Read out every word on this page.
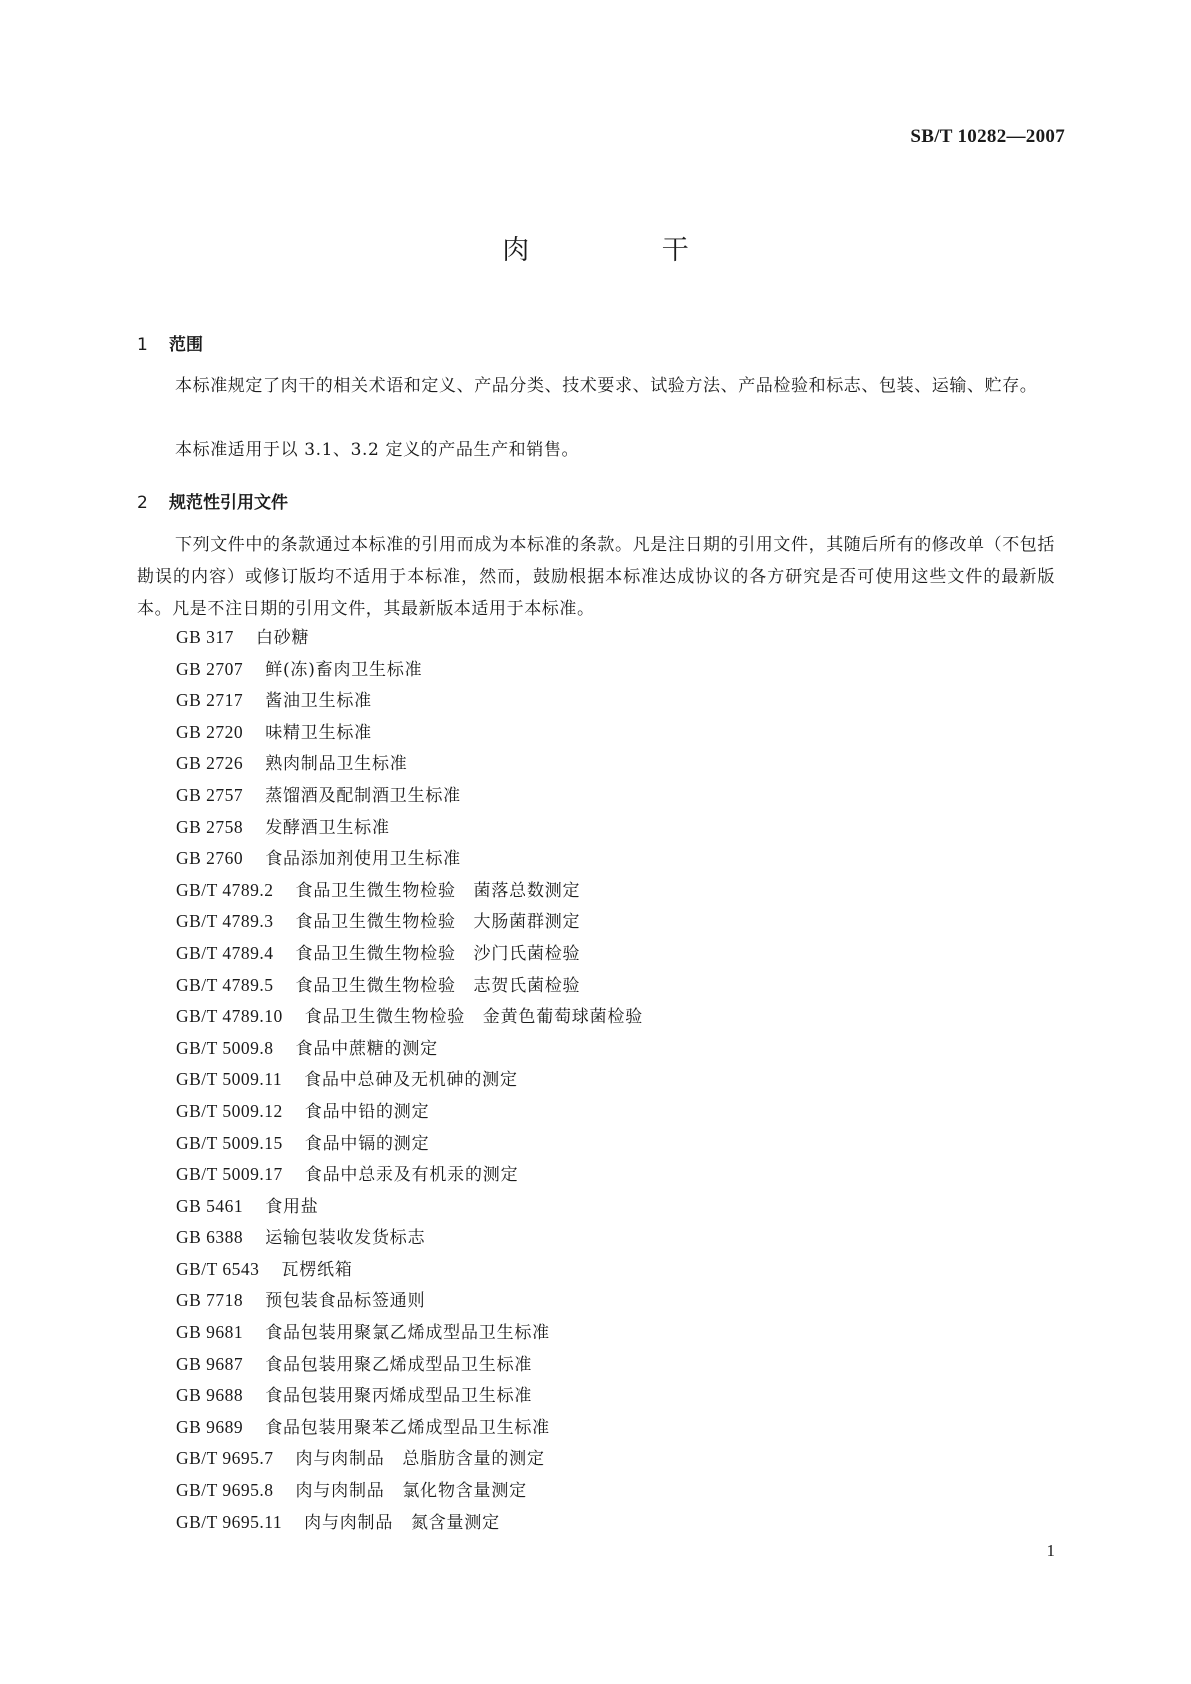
SB/T 10282—2007
肉 干
1 范围

本标准规定了肉干的相关术语和定义、产品分类、技术要求、试验方法、产品检验和标志、包装、运输、贮存。

本标准适用于以 3.1、3.2 定义的产品生产和销售。

2 规范性引用文件

下列文件中的条款通过本标准的引用而成为本标准的条款。凡是注日期的引用文件，其随后所有的修改单（不包括勘误的内容）或修订版均不适用于本标准，然而，鼓励根据本标准达成协议的各方研究是否可使用这些文件的最新版本。凡是不注日期的引用文件，其最新版本适用于本标准。

GB 317 白砂糖
GB 2707 鲜(冻)畜肉卫生标准
GB 2717 酱油卫生标准
GB 2720 味精卫生标准
GB 2726 熟肉制品卫生标准
GB 2757 蒸馏酒及配制酒卫生标准
GB 2758 发酵酒卫生标准
GB 2760 食品添加剂使用卫生标准
GB/T 4789.2 食品卫生微生物检验　菌落总数测定
GB/T 4789.3 食品卫生微生物检验　大肠菌群测定
GB/T 4789.4 食品卫生微生物检验　沙门氏菌检验
GB/T 4789.5 食品卫生微生物检验　志贺氏菌检验
GB/T 4789.10 食品卫生微生物检验　金黄色葡萄球菌检验
GB/T 5009.8 食品中蔗糖的测定
GB/T 5009.11 食品中总砷及无机砷的测定
GB/T 5009.12 食品中铅的测定
GB/T 5009.15 食品中镉的测定
GB/T 5009.17 食品中总汞及有机汞的测定
GB 5461 食用盐
GB 6388 运输包装收发货标志
GB/T 6543 瓦楞纸箱
GB 7718 预包装食品标签通则
GB 9681 食品包装用聚氯乙烯成型品卫生标准
GB 9687 食品包装用聚乙烯成型品卫生标准
GB 9688 食品包装用聚丙烯成型品卫生标准
GB 9689 食品包装用聚苯乙烯成型品卫生标准
GB/T 9695.7 肉与肉制品　总脂肪含量的测定
GB/T 9695.8 肉与肉制品　氯化物含量测定
GB/T 9695.11 肉与肉制品　氮含量测定
1
